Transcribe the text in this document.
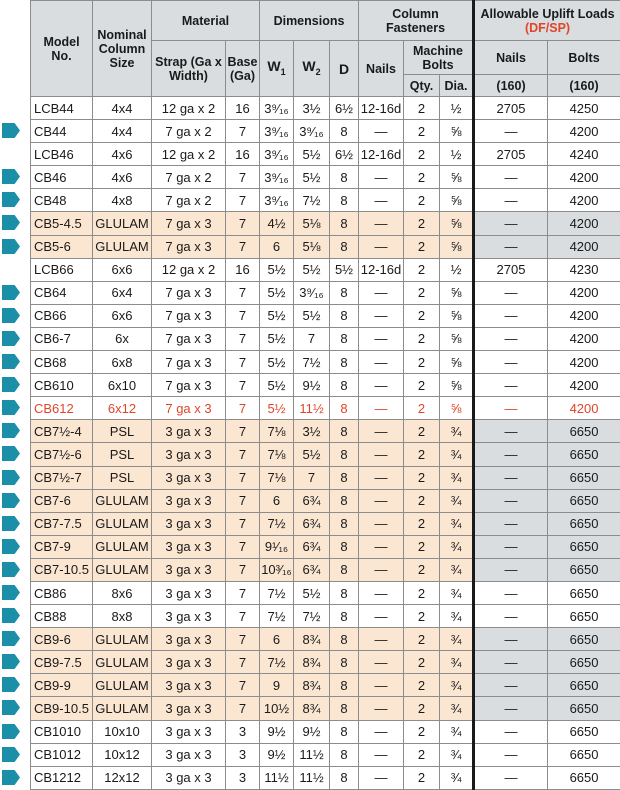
Model No.	Nominal Column Size	Material		Dimensions			Column Fasteners			Allowable Uplift Loads
(DF/SP)	

		Strap (Ga x Width)	Base (Ga)	$W_1$	$W_2$	D	Nails	Machine Bolts		Nails	Bolts
								Qty.	Dia.	(160)	(160)
LCB44	4x4	12 ga x 2	16	3⁹⁄₁₆	3½	6½	12-16d	2	½	2705	4250
CB44	4x4	7 ga x 2	7	3⁹⁄₁₆	3⁹⁄₁₆	8	—	2	⅝	—	4200
LCB46	4x6	12 ga x 2	16	3⁹⁄₁₆	5½	6½	12-16d	2	½	2705	4240
CB46	4x6	7 ga x 2	7	3⁹⁄₁₆	5½	8	—	2	⅝	—	4200
CB48	4x8	7 ga x 2	7	3⁹⁄₁₆	7½	8	—	2	⅝	—	4200
CB5-4.5	GLULAM	7 ga x 3	7	4½	5⅛	8	—	2	⅝	—	4200
CB5-6	GLULAM	7 ga x 3	7	6	5⅛	8	—	2	⅝	—	4200
LCB66	6x6	12 ga x 2	16	5½	5½	5½	12-16d	2	½	2705	4230
CB64	6x4	7 ga x 3	7	5½	3⁹⁄₁₆	8	—	2	⅝	—	4200
CB66	6x6	7 ga x 3	7	5½	5½	8	—	2	⅝	—	4200
CB6-7	6x	7 ga x 3	7	5½	7	8	—	2	⅝	—	4200
CB68	6x8	7 ga x 3	7	5½	7½	8	—	2	⅝	—	4200
CB610	6x10	7 ga x 3	7	5½	9½	8	—	2	⅝	—	4200
CB612	6x12	7 ga x 3	7	5½	11½	8	—	2	⅝	—	4200
CB7½-4	PSL	3 ga x 3	7	7⅛	3½	8	—	2	¾	—	6650
CB7½-6	PSL	3 ga x 3	7	7⅛	5½	8	—	2	¾	—	6650
CB7½-7	PSL	3 ga x 3	7	7⅛	7	8	—	2	¾	—	6650
CB7-6	GLULAM	3 ga x 3	7	6	6¾	8	—	2	¾	—	6650
CB7-7.5	GLULAM	3 ga x 3	7	7½	6¾	8	—	2	¾	—	6650
CB7-9	GLULAM	3 ga x 3	7	9¹⁄₁₆	6¾	8	—	2	¾	—	6650
CB7-10.5	GLULAM	3 ga x 3	7	10³⁄₁₆	6¾	8	—	2	¾	—	6650
CB86	8x6	3 ga x 3	7	7½	5½	8	—	2	¾	—	6650
CB88	8x8	3 ga x 3	7	7½	7½	8	—	2	¾	—	6650
CB9-6	GLULAM	3 ga x 3	7	6	8¾	8	—	2	¾	—	6650
CB9-7.5	GLULAM	3 ga x 3	7	7½	8¾	8	—	2	¾	—	6650
CB9-9	GLULAM	3 ga x 3	7	9	8¾	8	—	2	¾	—	6650
CB9-10.5	GLULAM	3 ga x 3	7	10½	8¾	8	—	2	¾	—	6650
CB1010	10x10	3 ga x 3	3	9½	9½	8	—	2	¾	—	6650
CB1012	10x12	3 ga x 3	3	9½	11½	8	—	2	¾	—	6650
CB1212	12x12	3 ga x 3	3	11½	11½	8	—	2	¾	—	6650
